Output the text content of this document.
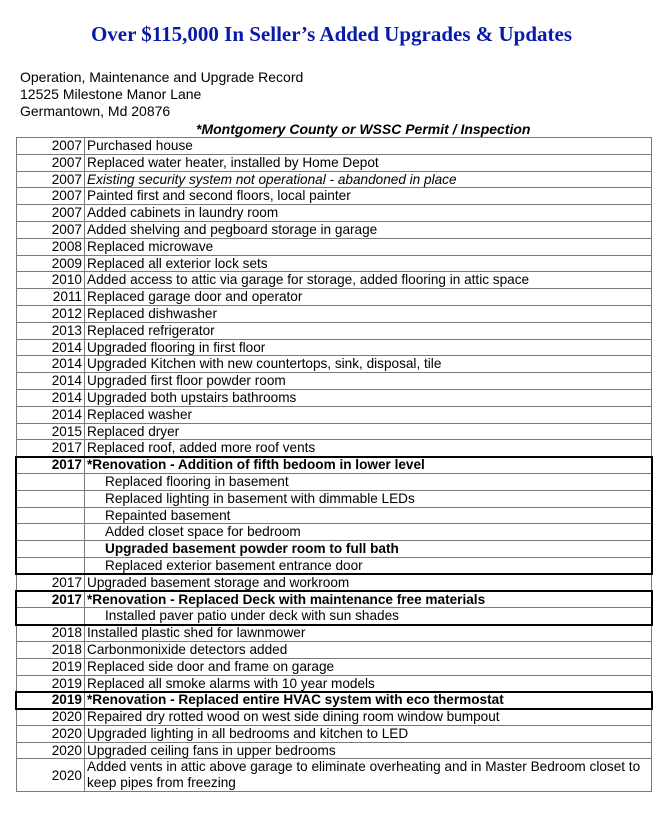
Over $115,000 In Seller’s Added Upgrades & Updates
Operation, Maintenance and Upgrade Record
12525 Milestone Manor Lane
Germantown, Md 20876
*Montgomery County or WSSC Permit / Inspection
2007	Purchased house
2007	Replaced water heater, installed by Home Depot
2007	Existing security system not operational - abandoned in place
2007	Painted first and second floors, local painter
2007	Added cabinets in laundry room
2007	Added shelving and pegboard storage in garage
2008	Replaced microwave
2009	Replaced all exterior lock sets
2010	Added access to attic via garage for storage, added flooring in attic space
2011	Replaced garage door and operator
2012	Replaced dishwasher
2013	Replaced refrigerator
2014	Upgraded flooring in first floor
2014	Upgraded Kitchen with new countertops, sink, disposal, tile
2014	Upgraded first floor powder room
2014	Upgraded both upstairs bathrooms
2014	Replaced washer
2015	Replaced dryer
2017	Replaced roof, added more roof vents
2017	*Renovation - Addition of fifth bedoom in lower level
	Replaced flooring in basement
	Replaced lighting in basement with dimmable LEDs
	Repainted basement
	Added closet space for bedroom
	Upgraded basement powder room to full bath
	Replaced exterior basement entrance door
2017	Upgraded basement storage and workroom
2017	*Renovation - Replaced Deck with maintenance free materials
	Installed paver patio under deck with sun shades
2018	Installed plastic shed for lawnmower
2018	Carbonmonixide detectors added
2019	Replaced side door and frame on garage
2019	Replaced all smoke alarms with 10 year models
2019	*Renovation - Replaced entire HVAC system with eco thermostat
2020	Repaired dry rotted wood on west side dining room window bumpout
2020	Upgraded lighting in all bedrooms and kitchen to LED
2020	Upgraded ceiling fans in upper bedrooms
2020	Added vents in attic above garage to eliminate overheating and in Master Bedroom closet to keep pipes from freezing
